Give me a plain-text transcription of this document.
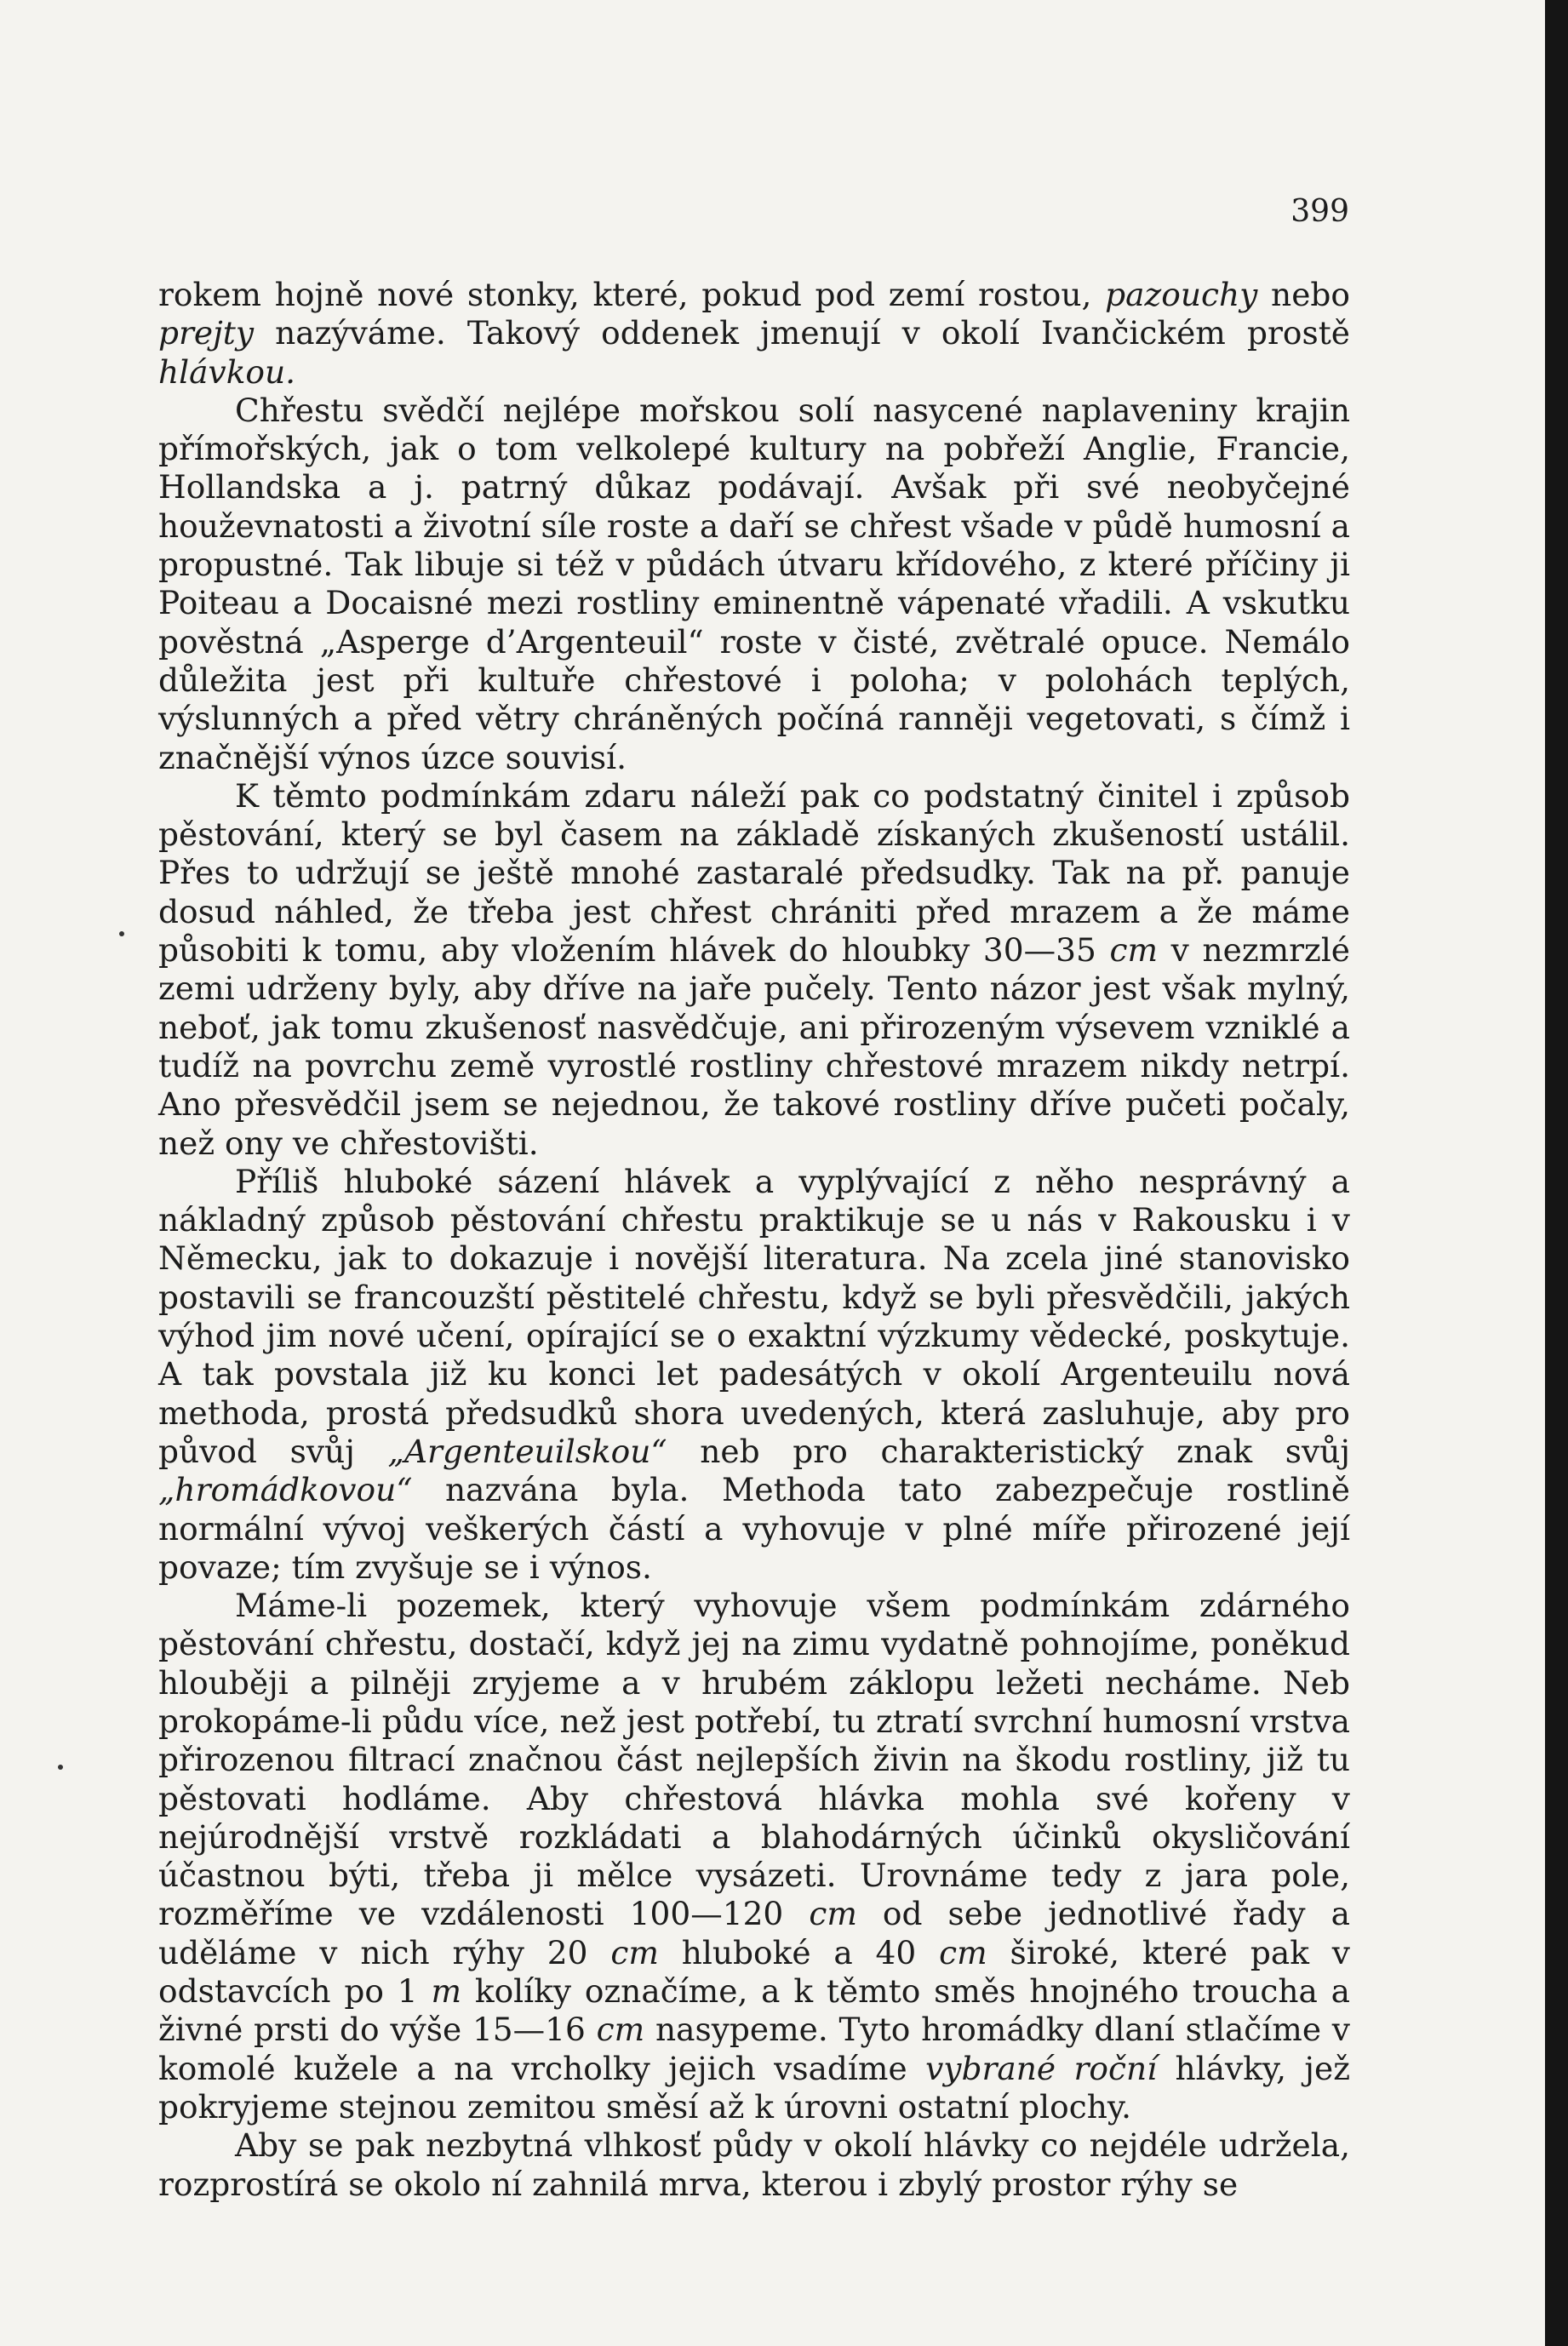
399

rokem hojně nové stonky, které, pokud pod zemí rostou, pazouchy nebo prejty nazýváme. Takový oddenek jmenují v okolí Ivančickém prostě hlávkou.

Chřestu svědčí nejlépe mořskou solí nasycené naplaveniny krajin přímořských, jak o tom velkolepé kultury na pobřeží Anglie, Francie, Hollandska a j. patrný důkaz podávají. Avšak při své neobyčejné houževnatosti a životní síle roste a daří se chřest všade v půdě humosní a propustné. Tak libuje si též v půdách útvaru křídového, z které příčiny ji Poiteau a Docaisné mezi rostliny eminentně vápenaté vřadili. A vskutku pověstná „Asperge d’Argenteuil“ roste v čisté, zvětralé opuce. Nemálo důležita jest při kultuře chřestové i poloha; v polohách teplých, výslunných a před větry chráněných počíná ranněji vegetovati, s čímž i značnější výnos úzce souvisí.

K těmto podmínkám zdaru náleží pak co podstatný činitel i způsob pěstování, který se byl časem na základě získaných zkušeností ustálil. Přes to udržují se ještě mnohé zastaralé předsudky. Tak na př. panuje dosud náhled, že třeba jest chřest chrániti před mrazem a že máme působiti k tomu, aby vložením hlávek do hloubky 30—35 cm v nezmrzlé zemi udrženy byly, aby dříve na jaře pučely. Tento názor jest však mylný, neboť, jak tomu zkušenosť nasvědčuje, ani přirozeným výsevem vzniklé a tudíž na povrchu země vyrostlé rostliny chřestové mrazem nikdy netrpí. Ano přesvědčil jsem se nejednou, že takové rostliny dříve pučeti počaly, než ony ve chřestovišti.

Příliš hluboké sázení hlávek a vyplývající z něho nesprávný a nákladný způsob pěstování chřestu praktikuje se u nás v Rakousku i v Německu, jak to dokazuje i novější literatura. Na zcela jiné stanovisko postavili se francouzští pěstitelé chřestu, když se byli přesvědčili, jakých výhod jim nové učení, opírající se o exaktní výzkumy vědecké, poskytuje. A tak povstala již ku konci let padesátých v okolí Argenteuilu nová methoda, prostá předsudků shora uvedených, která zasluhuje, aby pro původ svůj „Argenteuilskou“ neb pro charakteristický znak svůj „hromádkovou“ nazvána byla. Methoda tato zabezpečuje rostlině normální vývoj veškerých částí a vyhovuje v plné míře přirozené její povaze; tím zvyšuje se i výnos.

Máme-li pozemek, který vyhovuje všem podmínkám zdárného pěstování chřestu, dostačí, když jej na zimu vydatně pohnojíme, poněkud hlouběji a pilněji zryjeme a v hrubém záklopu ležeti necháme. Neb prokopáme-li půdu více, než jest potřebí, tu ztratí svrchní humosní vrstva přirozenou filtrací značnou část nejlepších živin na škodu rostliny, již tu pěstovati hodláme. Aby chřestová hlávka mohla své kořeny v nejúrodnější vrstvě rozkládati a blahodárných účinků okysličování účastnou býti, třeba ji mělce vysázeti. Urovnáme tedy z jara pole, rozměříme ve vzdálenosti 100—120 cm od sebe jednotlivé řady a uděláme v nich rýhy 20 cm hluboké a 40 cm široké, které pak v odstavcích po 1 m kolíky označíme, a k těmto směs hnojného troucha a živné prsti do výše 15—16 cm nasypeme. Tyto hromádky dlaní stlačíme v komolé kužele a na vrcholky jejich vsadíme vybrané roční hlávky, jež pokryjeme stejnou zemitou směsí až k úrovni ostatní plochy.

Aby se pak nezbytná vlhkosť půdy v okolí hlávky co nejdéle udržela, rozprostírá se okolo ní zahnilá mrva, kterou i zbylý prostor rýhy se
